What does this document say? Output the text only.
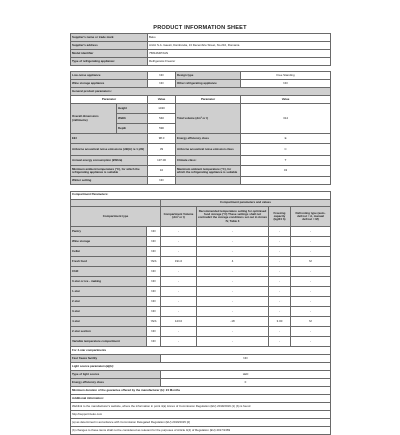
PRODUCT INFORMATION SHEET
Supplier's name or trade mark		Beko		
Supplier's address		Arctic S.A. Gaesti, Dambovita, 13 Decembrie Street, No.210, Romania		
Model identifier		7581264PXAN		
Type of refrigerating appliance:		Refrigerator-Freezer		

Low-noise appliance		NO	Design type	Free Standing
Wine storage appliance		NO	Other refrigerating appliance	NO
General product parameters:				
Parameter		Value	Parameter	Value
Overall dimensions (millimetre)	Height	1430	Total volume (dm³ or l)	314
	Width	540		
	Depth	590		
EEI		98.0	Energy efficiency class	E
Airborne acoustical noise emissions (dB(A) re 1 pW)		39	Airborne acoustical noise emission class	C
Annual energy consumption (kWh/a)		137.00	Climate class:	T
Minimum ambient temperature (°C), for which the refrigerating appliance is suitable		10	Maximum ambient temperature (°C), for which the refrigerating appliance is suitable	43
Winter setting		NO		

Compartment Parameters:					
		Compartment parameters and values			
Compartment type		Compartment Volume (dm³ or l)	Recommended temperature setting for optimised food storage (°C) These settings shall not contradict the storage conditions set out in Annex IV, Table 3	Freezing capacity (kg/24 h)	Defrosting type (auto-defrost = A, manual defrost = M)
Pantry	NO	-	-	-	-
Wine storage	NO	-	-	-	-
Cellar	NO	-	-	-	-
Fresh food	YES	191.0	4	-	M
Chill	NO	-	-	-	-
0-star or ice - making	NO	-	-	-	-
1-star	NO	-	-	-	-
2-star	NO	-	-	-	-
3-star	NO	-	-	-	-
4-star	YES	123.0	-18	3.00	M
2-star section	NO	-	-	-	-
Variable temperature compartment	NO	-	-	-	-
For 4-star compartments					
Fast freeze facility		NO			
Light source parameters(a)(b):					
Type of light source		LED			
Energy efficiency class		F			
Minimum duration of the guarantee offered by the manufacturer (b): 24 Months					
Additional information:					
Weblink to the manufacturer's website, where the information in point 4(a) Annex of Commission Regulation (EU) 2019/2019 (1) (b) is found					
http://support.beko.com					
(a) as determined in accordance with Commission Delegated Regulation (EU) 2019/2015 [2]					
(b) changes to these items shall not be considered as relevant for the purposes of Article 4(4) of Regulation (EU) 2017/1369					
